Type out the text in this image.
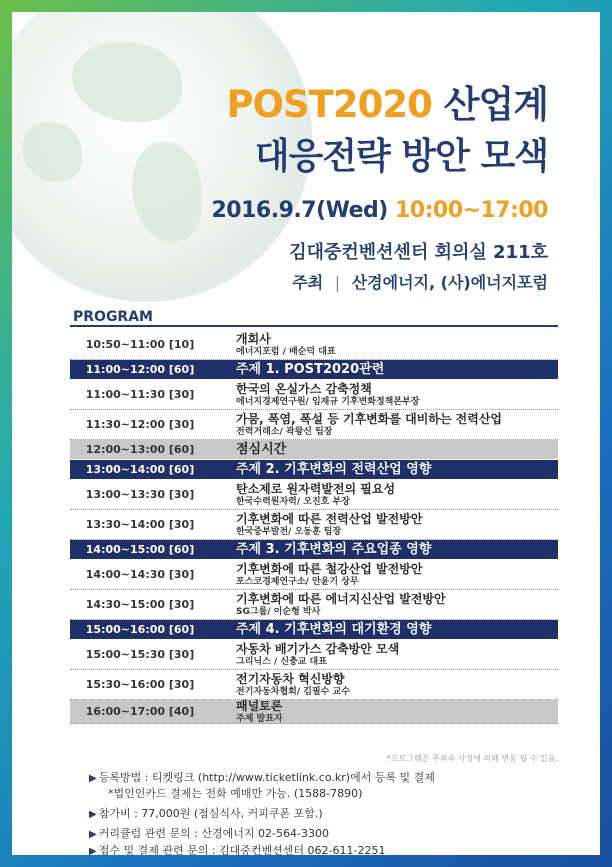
POST2020 산업계
대응전략 방안 모색
2016.9.7(Wed) 10:00~17:00
김대중컨벤션센터 회의실 211호
주최 | 산경에너지, (사)에너지포럼
PROGRAM
10:50~11:00 [10]	개회사
에너지포럼 / 배순덕 대표
11:00~12:00 [60]	주제 1. POST2020관련
11:00~11:30 [30]	한국의 온실가스 감축정책
에너지경제연구원/ 임재규 기후변화정책본부장
11:30~12:00 [30]	가뭄, 폭염, 폭설 등 기후변화를 대비하는 전력산업
전력거래소/ 곽왕신 팀장
12:00~13:00 [60]	점심시간
13:00~14:00 [60]	주제 2. 기후변화의 전력산업 영향
13:00~13:30 [30]	탄소제로 원자력발전의 필요성
한국수력원자력/ 오진호 부장
13:30~14:00 [30]	기후변화에 따른 전력산업 발전방안
한국중부발전/ 오동훈 팀장
14:00~15:00 [60]	주제 3. 기후변화의 주요업종 영향
14:00~14:30 [30]	기후변화에 따른 철강산업 발전방안
포스코경제연구소/ 안윤기 상무
14:30~15:00 [30]	기후변화에 따른 에너지신산업 발전방안
SG그룹/ 이순형 박사
15:00~16:00 [60]	주제 4. 기후변화의 대기환경 영향
15:00~15:30 [30]	자동차 배기가스 감축방안 모색
그리닉스 / 신충교 대표
15:30~16:00 [30]	전기자동차 혁신방향
전기자동차협회/ 김필수 교수
16:00~17:00 [40]	패널토론
주제 발표자
*프로그램은 주최측 사정에 의해 변동 될 수 있음.
▶ 등록방법 : 티켓링크 (http://www.ticketlink.co.kr)에서 등록 및 결제
*법인인카드 결제는 전화 예매만 가능. (1588-7890)
▶ 참가비 : 77,000원 (점심식사, 커피쿠폰 포함.)
▶ 커리큘럼 관련 문의 : 산경에너지 02-564-3300
▶ 접수 및 결제 관련 문의 : 김대중컨벤션센터 062-611-2251
